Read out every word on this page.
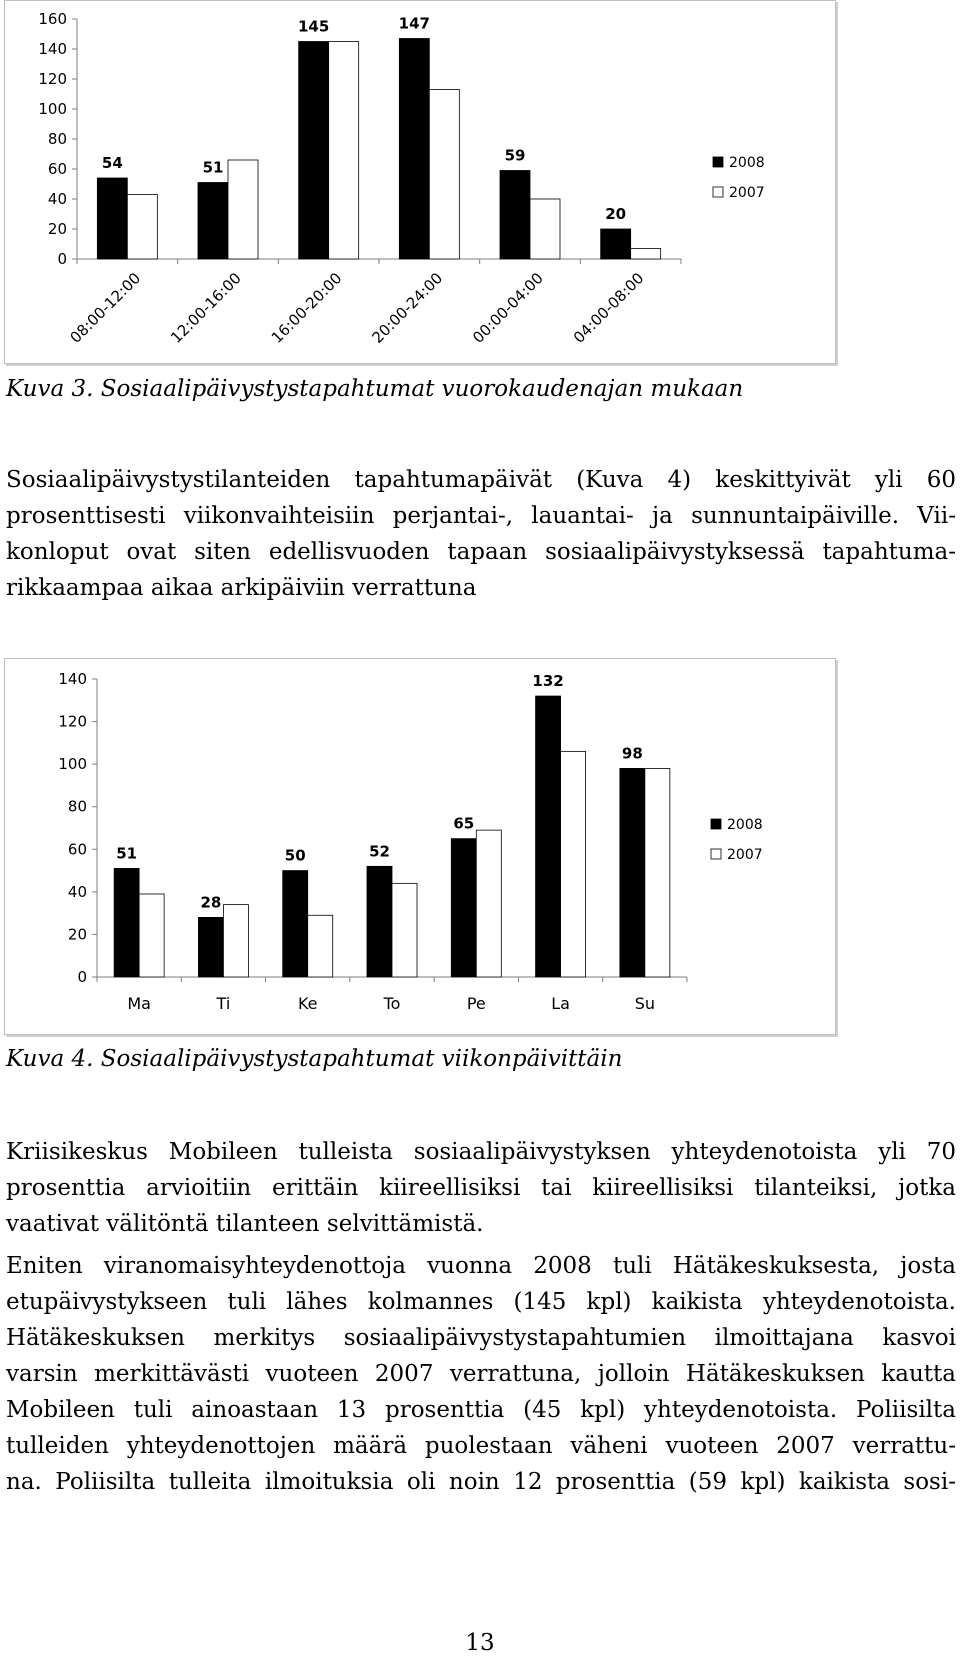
0
20
40
60
80
100
120
140
160
54
08:00-12:00
51
12:00-16:00
145
16:00-20:00
147
20:00-24:00
59
00:00-04:00
20
04:00-08:00
2008
2007
Kuva 3. Sosiaalipäivystystapahtumat vuorokaudenajan mukaan
Sosiaalipäivystystilanteiden tapahtumapäivät (Kuva 4) keskittyivät yli 60
prosenttisesti viikonvaihteisiin perjantai-, lauantai- ja sunnuntaipäiville. Vii-
konloput ovat siten edellisvuoden tapaan sosiaalipäivystyksessä tapahtuma-
rikkaampaa aikaa arkipäiviin verrattuna
0
20
40
60
80
100
120
140
51
Ma
28
Ti
50
Ke
52
To
65
Pe
132
La
98
Su
2008
2007
Kuva 4. Sosiaalipäivystystapahtumat viikonpäivittäin
Kriisikeskus Mobileen tulleista sosiaalipäivystyksen yhteydenotoista yli 70
prosenttia arvioitiin erittäin kiireellisiksi tai kiireellisiksi tilanteiksi, jotka
vaativat välitöntä tilanteen selvittämistä.
Eniten viranomaisyhteydenottoja vuonna 2008 tuli Hätäkeskuksesta, josta
etupäivystykseen tuli lähes kolmannes (145 kpl) kaikista yhteydenotoista.
Hätäkeskuksen merkitys sosiaalipäivystystapahtumien ilmoittajana kasvoi
varsin merkittävästi vuoteen 2007 verrattuna, jolloin Hätäkeskuksen kautta
Mobileen tuli ainoastaan 13 prosenttia (45 kpl) yhteydenotoista. Poliisilta
tulleiden yhteydenottojen määrä puolestaan väheni vuoteen 2007 verrattu-
na. Poliisilta tulleita ilmoituksia oli noin 12 prosenttia (59 kpl) kaikista sosi-
13
